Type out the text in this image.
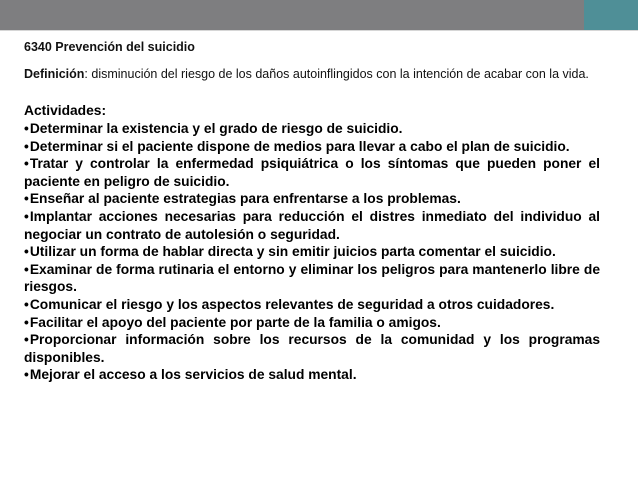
6340 Prevención del suicidio
Definición: disminución del riesgo de los daños autoinflingidos con la intención de acabar con la vida.
Actividades:
•Determinar la existencia y el grado de riesgo de suicidio.
•Determinar si el paciente dispone de medios para llevar a cabo el plan de suicidio.
•Tratar y controlar la enfermedad psiquiátrica o los síntomas que pueden poner el paciente en peligro de suicidio.
•Enseñar al paciente estrategias para enfrentarse a los problemas.
•Implantar acciones necesarias para reducción el distres inmediato del individuo al negociar un contrato de autolesión o seguridad.
•Utilizar un forma de hablar directa y sin emitir juicios parta comentar el suicidio.
•Examinar de forma rutinaria el entorno y eliminar los peligros para mantenerlo libre de riesgos.
•Comunicar el riesgo y los aspectos relevantes de seguridad a otros cuidadores.
•Facilitar el apoyo del paciente por parte de la familia o amigos.
•Proporcionar información sobre los recursos de la comunidad y los programas disponibles.
•Mejorar el acceso a los servicios de salud mental.
